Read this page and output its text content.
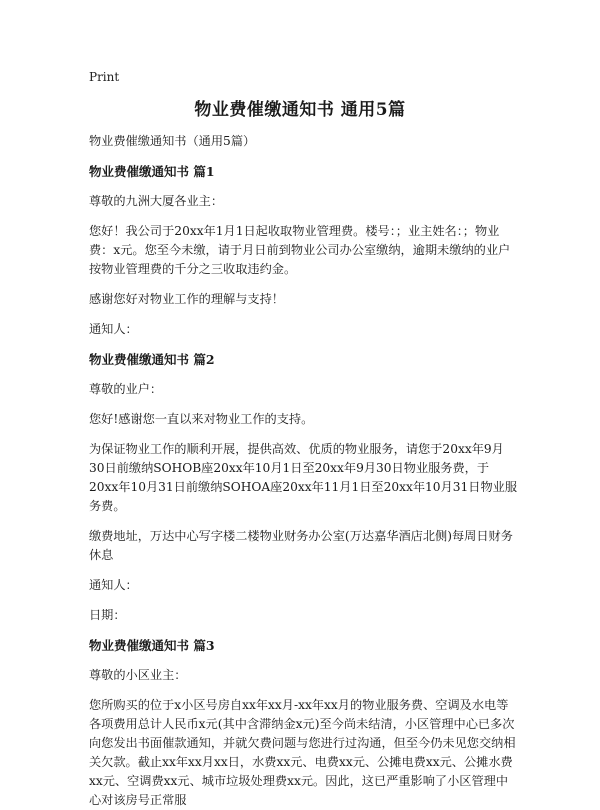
Print
物业费催缴通知书 通用5篇

物业费催缴通知书（通用5篇）

物业费催缴通知书 篇1

尊敬的九洲大厦各业主：

您好！我公司于20xx年1月1日起收取物业管理费。楼号：；业主姓名：；物业费：x元。您至今未缴，请于月日前到物业公司办公室缴纳，逾期未缴纳的业户按物业管理费的千分之三收取违约金。

感谢您好对物业工作的理解与支持！

通知人：

物业费催缴通知书 篇2

尊敬的业户：

您好!感谢您一直以来对物业工作的支持。

为保证物业工作的顺利开展，提供高效、优质的物业服务，请您于20xx年9月30日前缴纳SOHOB座20xx年10月1日至20xx年9月30日物业服务费，于20xx年10月31日前缴纳SOHOA座20xx年11月1日至20xx年10月31日物业服务费。

缴费地址，万达中心写字楼二楼物业财务办公室(万达嘉华酒店北侧)每周日财务休息

通知人：

日期：

物业费催缴通知书 篇3

尊敬的小区业主：

您所购买的位于x小区号房自xx年xx月-xx年xx月的物业服务费、空调及水电等各项费用总计人民币x元(其中含滞纳金x元)至今尚未结清，小区管理中心已多次向您发出书面催款通知，并就欠费问题与您进行过沟通，但至今仍未见您交纳相关欠款。截止xx年xx月xx日，水费xx元、电费xx元、公摊电费xx元、公摊水费xx元、空调费xx元、城市垃圾处理费xx元。因此，这已严重影响了小区管理中心对该房号正常服
